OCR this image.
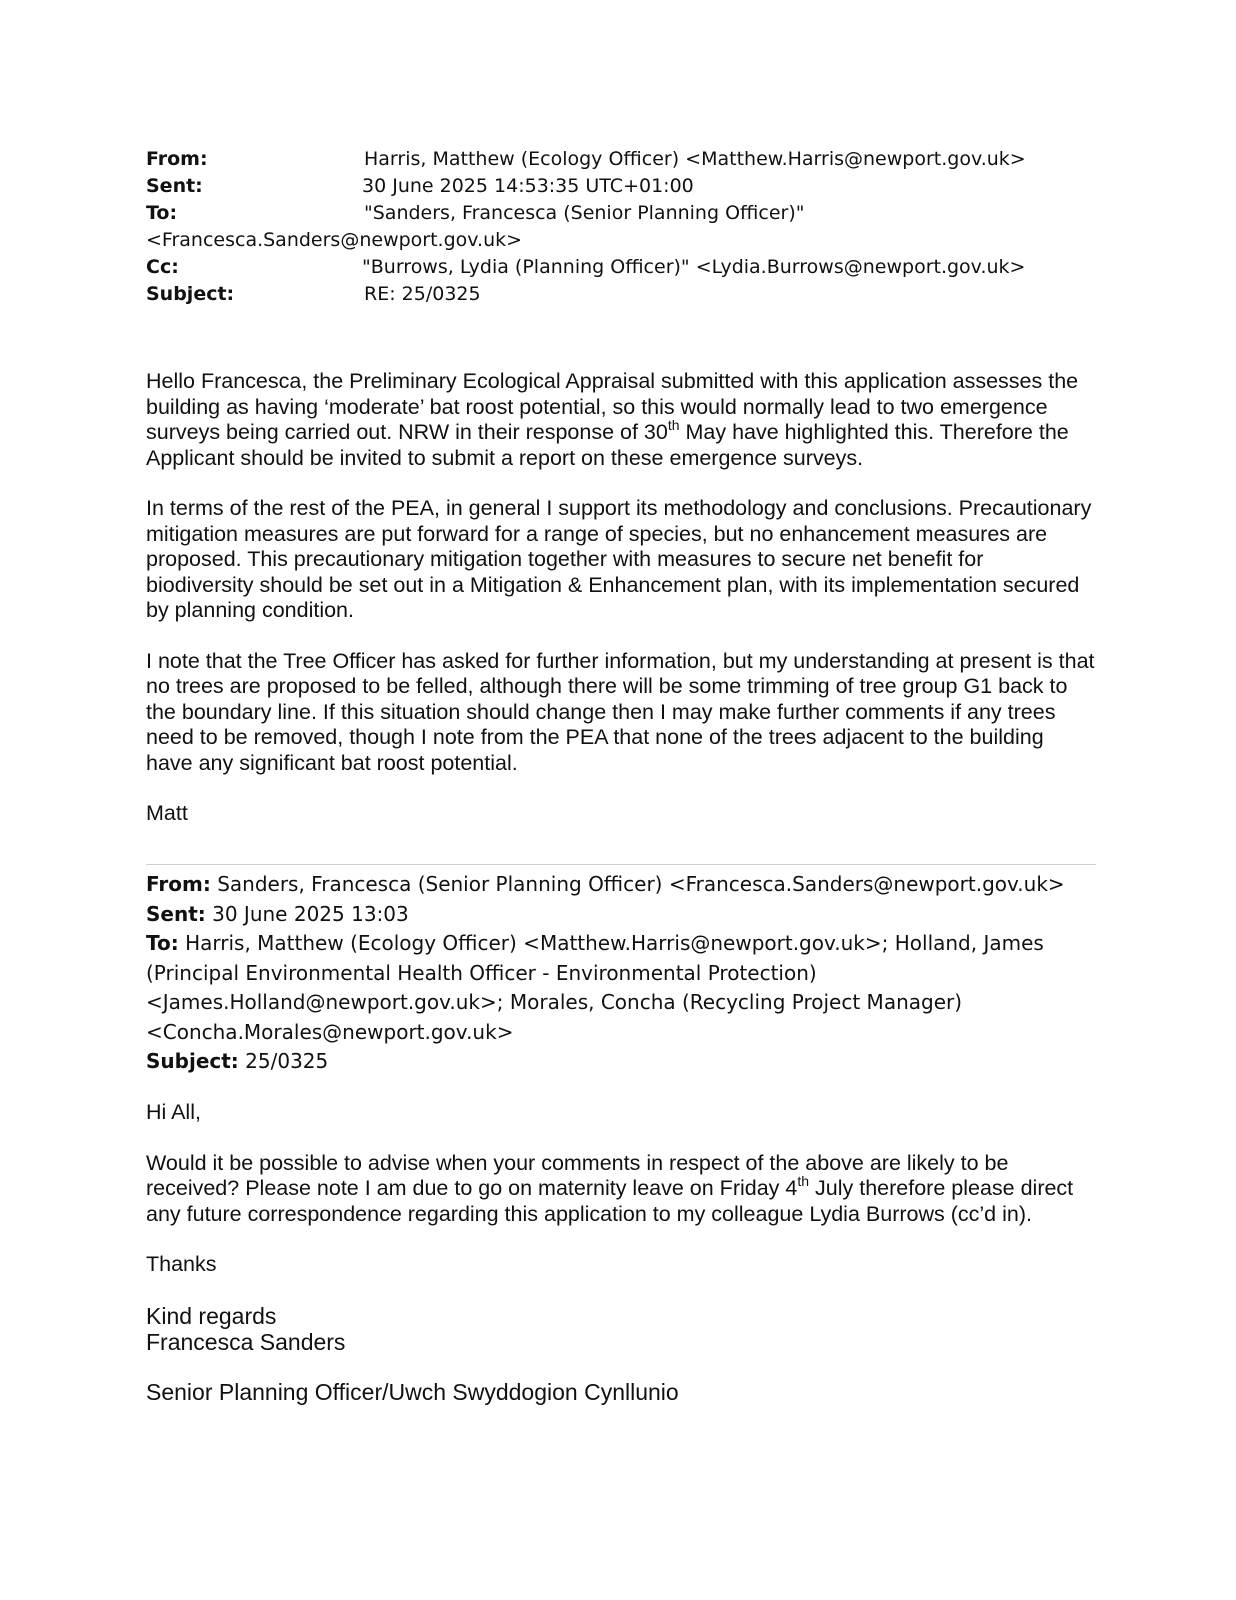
From:	Harris, Matthew (Ecology Officer) <Matthew.Harris@newport.gov.uk>
Sent:	30 June 2025 14:53:35 UTC+01:00
To:	"Sanders, Francesca (Senior Planning Officer)"
<Francesca.Sanders@newport.gov.uk>
Cc:	"Burrows, Lydia (Planning Officer)" <Lydia.Burrows@newport.gov.uk>
Subject:	RE: 25/0325

Hello Francesca, the Preliminary Ecological Appraisal submitted with this application assesses the building as having ‘moderate’ bat roost potential, so this would normally lead to two emergence surveys being carried out. NRW in their response of 30th May have highlighted this. Therefore the Applicant should be invited to submit a report on these emergence surveys.

In terms of the rest of the PEA, in general I support its methodology and conclusions. Precautionary mitigation measures are put forward for a range of species, but no enhancement measures are proposed. This precautionary mitigation together with measures to secure net benefit for biodiversity should be set out in a Mitigation & Enhancement plan, with its implementation secured by planning condition.

I note that the Tree Officer has asked for further information, but my understanding at present is that no trees are proposed to be felled, although there will be some trimming of tree group G1 back to the boundary line. If this situation should change then I may make further comments if any trees need to be removed, though I note from the PEA that none of the trees adjacent to the building have any significant bat roost potential.

Matt

From: Sanders, Francesca (Senior Planning Officer) <Francesca.Sanders@newport.gov.uk>
Sent: 30 June 2025 13:03
To: Harris, Matthew (Ecology Officer) <Matthew.Harris@newport.gov.uk>; Holland, James
(Principal Environmental Health Officer - Environmental Protection)
<James.Holland@newport.gov.uk>; Morales, Concha (Recycling Project Manager)
<Concha.Morales@newport.gov.uk>
Subject: 25/0325

Hi All,

Would it be possible to advise when your comments in respect of the above are likely to be received? Please note I am due to go on maternity leave on Friday 4th July therefore please direct any future correspondence regarding this application to my colleague Lydia Burrows (cc’d in).

Thanks

Kind regards
Francesca Sanders
Senior Planning Officer/Uwch Swyddogion Cynllunio
